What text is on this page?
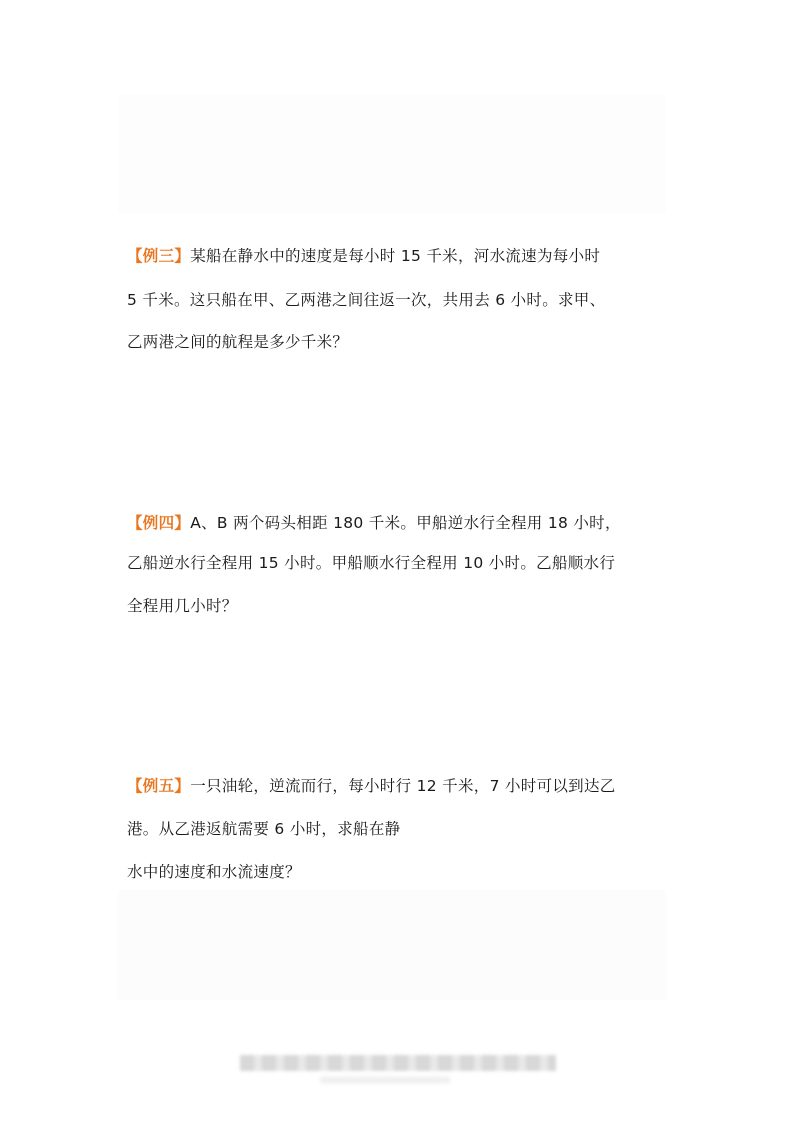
【例三】某船在静水中的速度是每小时 15 千米，河水流速为每小时
5 千米。这只船在甲、乙两港之间往返一次，共用去 6 小时。求甲、
乙两港之间的航程是多少千米？
【例四】A、B 两个码头相距 180 千米。甲船逆水行全程用 18 小时，
乙船逆水行全程用 15 小时。甲船顺水行全程用 10 小时。乙船顺水行
全程用几小时？
【例五】一只油轮，逆流而行，每小时行 12 千米，7 小时可以到达乙
港。从乙港返航需要 6 小时，求船在静
水中的速度和水流速度？
